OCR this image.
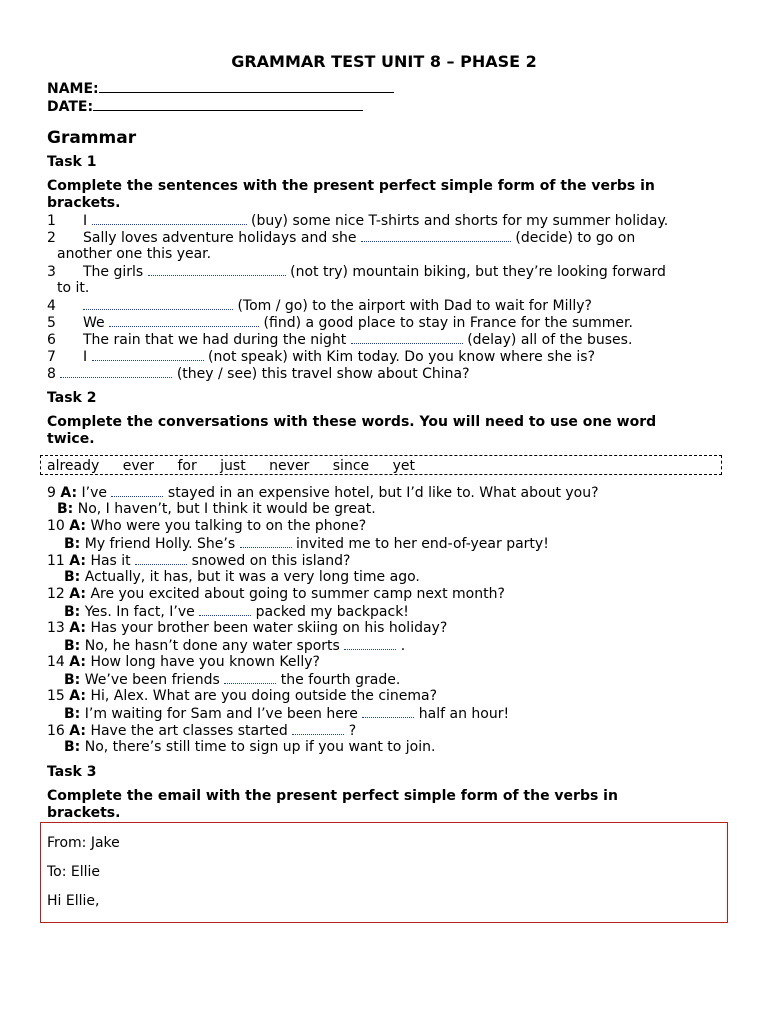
GRAMMAR TEST UNIT 8 – PHASE 2
NAME:
DATE:
Grammar
Task 1
Complete the sentences with the present perfect simple form of the verbs in
brackets.
1 I	(buy) some nice T-shirts and shorts for my summer holiday.
2 Sally loves adventure holidays and she	(decide) to go on
another one this year.
3 The girls	(not try) mountain biking, but they’re looking forward
to it.
4	(Tom / go) to the airport with Dad to wait for Milly?
5 We	(find) a good place to stay in France for the summer.
6 The rain that we had during the night	(delay) all of the buses.
7 I	(not speak) with Kim today. Do you know where she is?
8	(they / see) this travel show about China?
Task 2
Complete the conversations with these words. You will need to use one word
twice.
already ever for just never since yet
9 A: I’ve	stayed in an expensive hotel, but I’d like to. What about you?
B: No, I haven’t, but I think it would be great.
10 A: Who were you talking to on the phone?
B: My friend Holly. She’s	invited me to her end-of-year party!
11 A: Has it	snowed on this island?
B: Actually, it has, but it was a very long time ago.
12 A: Are you excited about going to summer camp next month?
B: Yes. In fact, I’ve	packed my backpack!
13 A: Has your brother been water skiing on his holiday?
B: No, he hasn’t done any water sports	.
14 A: How long have you known Kelly?
B: We’ve been friends	the fourth grade.
15 A: Hi, Alex. What are you doing outside the cinema?
B: I’m waiting for Sam and I’ve been here	half an hour!
16 A: Have the art classes started	?
B: No, there’s still time to sign up if you want to join.
Task 3
Complete the email with the present perfect simple form of the verbs in
brackets.
From: Jake
To: Ellie
Hi Ellie,
